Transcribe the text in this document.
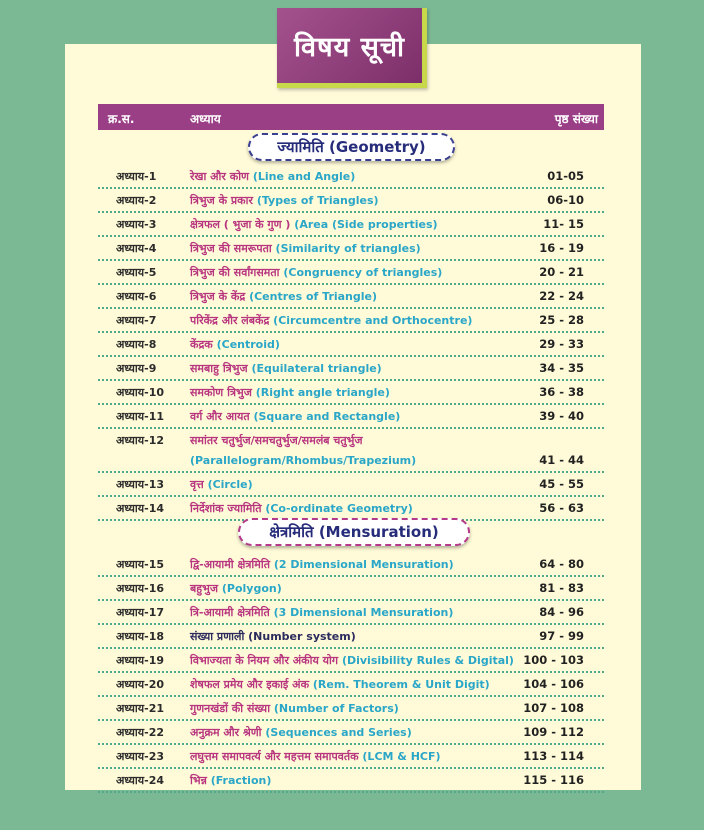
विषय सूची
क्र.स.	अध्याय	पृष्ठ संख्या
ज्यामिति (Geometry)
अध्याय-1	रेखा और कोण (Line and Angle)	01-05
अध्याय-2	त्रिभुज के प्रकार (Types of Triangles)	06-10
अध्याय-3	क्षेत्रफल ( भुजा के गुण ) (Area (Side properties)	11- 15
अध्याय-4	त्रिभुज की समरूपता (Similarity of triangles)	16 - 19
अध्याय-5	त्रिभुज की सर्वांगसमता (Congruency of triangles)	20 - 21
अध्याय-6	त्रिभुज के केंद्र (Centres of Triangle)	22 - 24
अध्याय-7	परिकेंद्र और लंबकेंद्र (Circumcentre and Orthocentre)	25 - 28
अध्याय-8	केंद्रक (Centroid)	29 - 33
अध्याय-9	समबाहु त्रिभुज (Equilateral triangle)	34 - 35
अध्याय-10 समकोण त्रिभुज (Right angle triangle)	36 - 38
अध्याय-11 वर्ग और आयत (Square and Rectangle)	39 - 40
अध्याय-12 समांतर चतुर्भुज/समचतुर्भुज/समलंब चतुर्भुज

(Parallelogram/Rhombus/Trapezium)	41 - 44
अध्याय-13 वृत्त (Circle)	45 - 55
अध्याय-14 निर्देशांक ज्यामिति (Co-ordinate Geometry)	56 - 63
क्षेत्रमिति (Mensuration)
अध्याय-15 द्वि-आयामी क्षेत्रमिति (2 Dimensional Mensuration)	64 - 80
अध्याय-16 बहुभुज (Polygon)	81 - 83
अध्याय-17 त्रि-आयामी क्षेत्रमिति (3 Dimensional Mensuration)	84 - 96
अध्याय-18 संख्या प्रणाली (Number system)	97 - 99
अध्याय-19 विभाज्यता के नियम और अंकीय योग (Divisibility Rules & Digital) 100 - 103
अध्याय-20 शेषफल प्रमेय और इकाई अंक (Rem. Theorem & Unit Digit)	104 - 106
अध्याय-21 गुणनखंडों की संख्या (Number of Factors)	107 - 108
अध्याय-22 अनुक्रम और श्रेणी (Sequences and Series)	109 - 112
अध्याय-23 लघुत्तम समापवर्त्य और महत्तम समापवर्तक (LCM & HCF)	113 - 114
अध्याय-24 भिन्न (Fraction)	115 - 116
